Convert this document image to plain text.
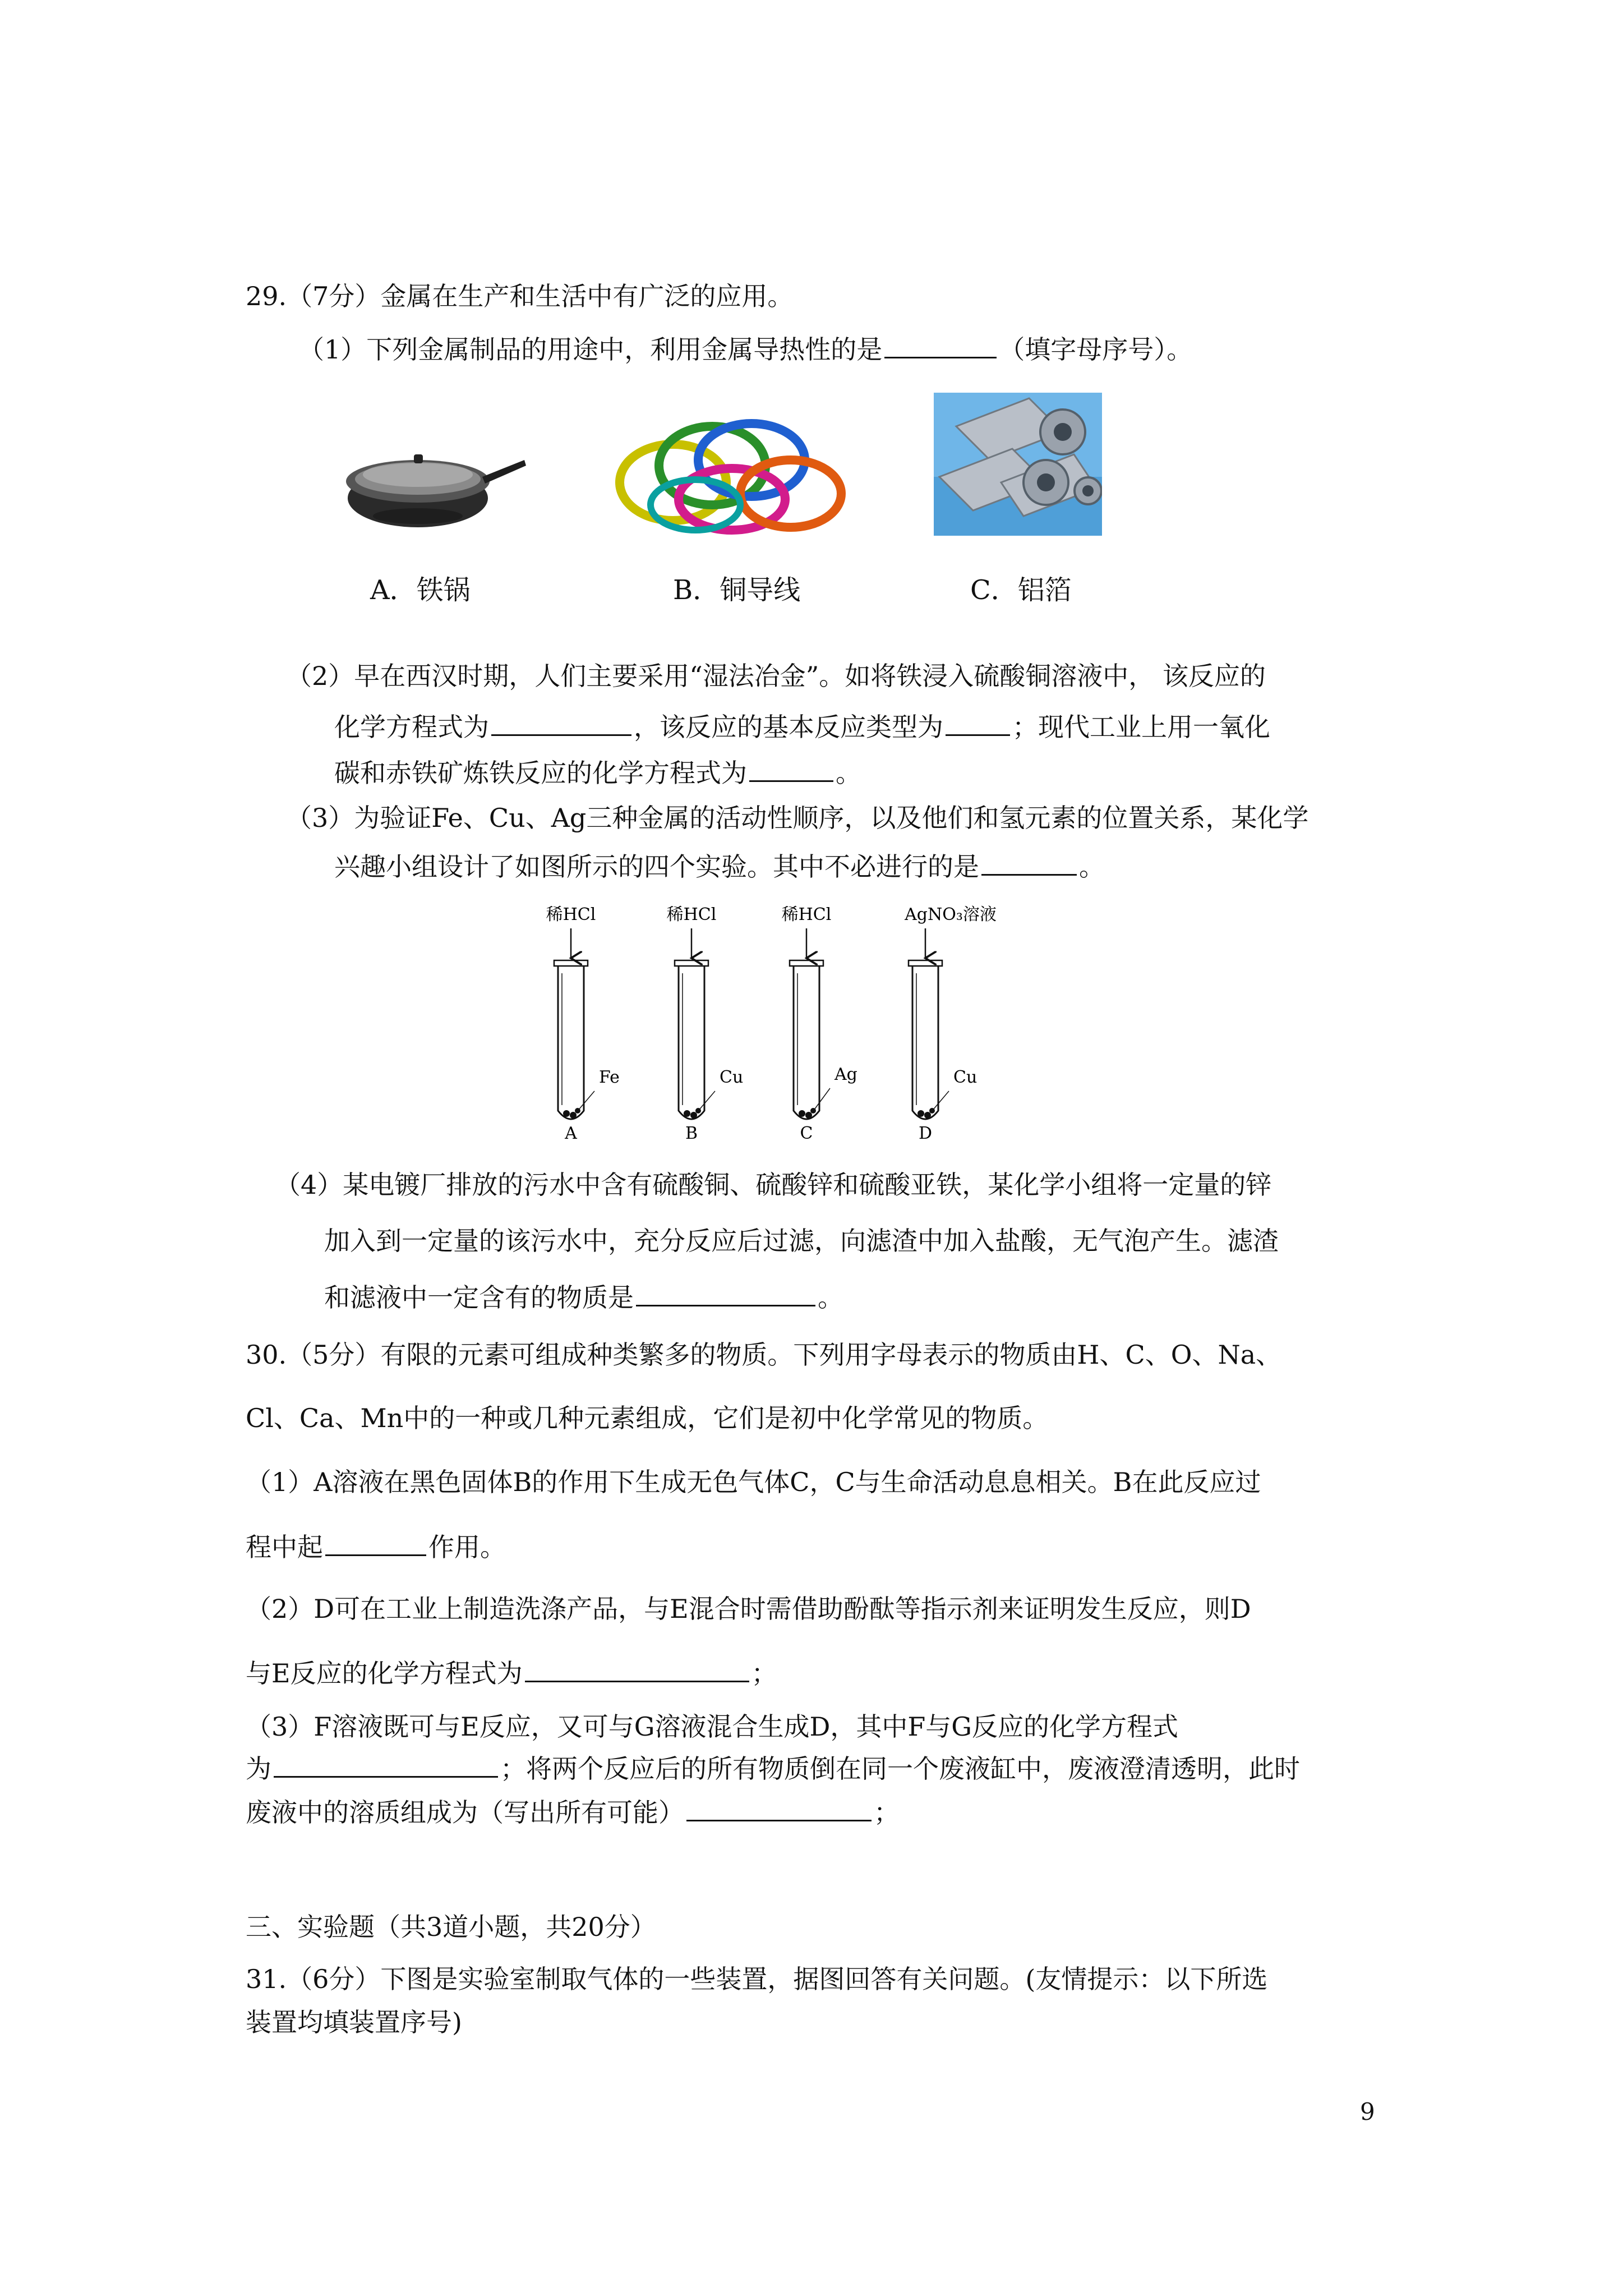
29.（7分）金属在生产和生活中有广泛的应用。
（1）下列金属制品的用途中，利用金属导热性的是	（填字母序号）。
A．铁锅	B．铜导线	C．铝箔
（2）早在西汉时期，人们主要采用“湿法冶金”。如将铁浸入硫酸铜溶液中， 该反应的
化学方程式为	，该反应的基本反应类型为	；现代工业上用一氧化
碳和赤铁矿炼铁反应的化学方程式为	。
（3）为验证Fe、Cu、Ag三种金属的活动性顺序，以及他们和氢元素的位置关系，某化学
兴趣小组设计了如图所示的四个实验。其中不必进行的是	。
稀HCl
Fe
A
稀HCl
Cu
B
稀HCl
Ag
C
AgNO₃溶液
Cu
D
（4）某电镀厂排放的污水中含有硫酸铜、硫酸锌和硫酸亚铁，某化学小组将一定量的锌
加入到一定量的该污水中，充分反应后过滤，向滤渣中加入盐酸，无气泡产生。滤渣
和滤液中一定含有的物质是	。
30.（5分）有限的元素可组成种类繁多的物质。下列用字母表示的物质由H、C、O、Na、
Cl、Ca、Mn中的一种或几种元素组成，它们是初中化学常见的物质。
（1）A溶液在黑色固体B的作用下生成无色气体C，C与生命活动息息相关。B在此反应过
程中起	作用。
（2）D可在工业上制造洗涤产品，与E混合时需借助酚酞等指示剂来证明发生反应，则D
与E反应的化学方程式为	；
（3）F溶液既可与E反应，又可与G溶液混合生成D，其中F与G反应的化学方程式
为	；将两个反应后的所有物质倒在同一个废液缸中，废液澄清透明，此时
废液中的溶质组成为（写出所有可能）	；
三、实验题（共3道小题，共20分）
31.（6分）下图是实验室制取气体的一些装置，据图回答有关问题。(友情提示：以下所选
装置均填装置序号)
9
